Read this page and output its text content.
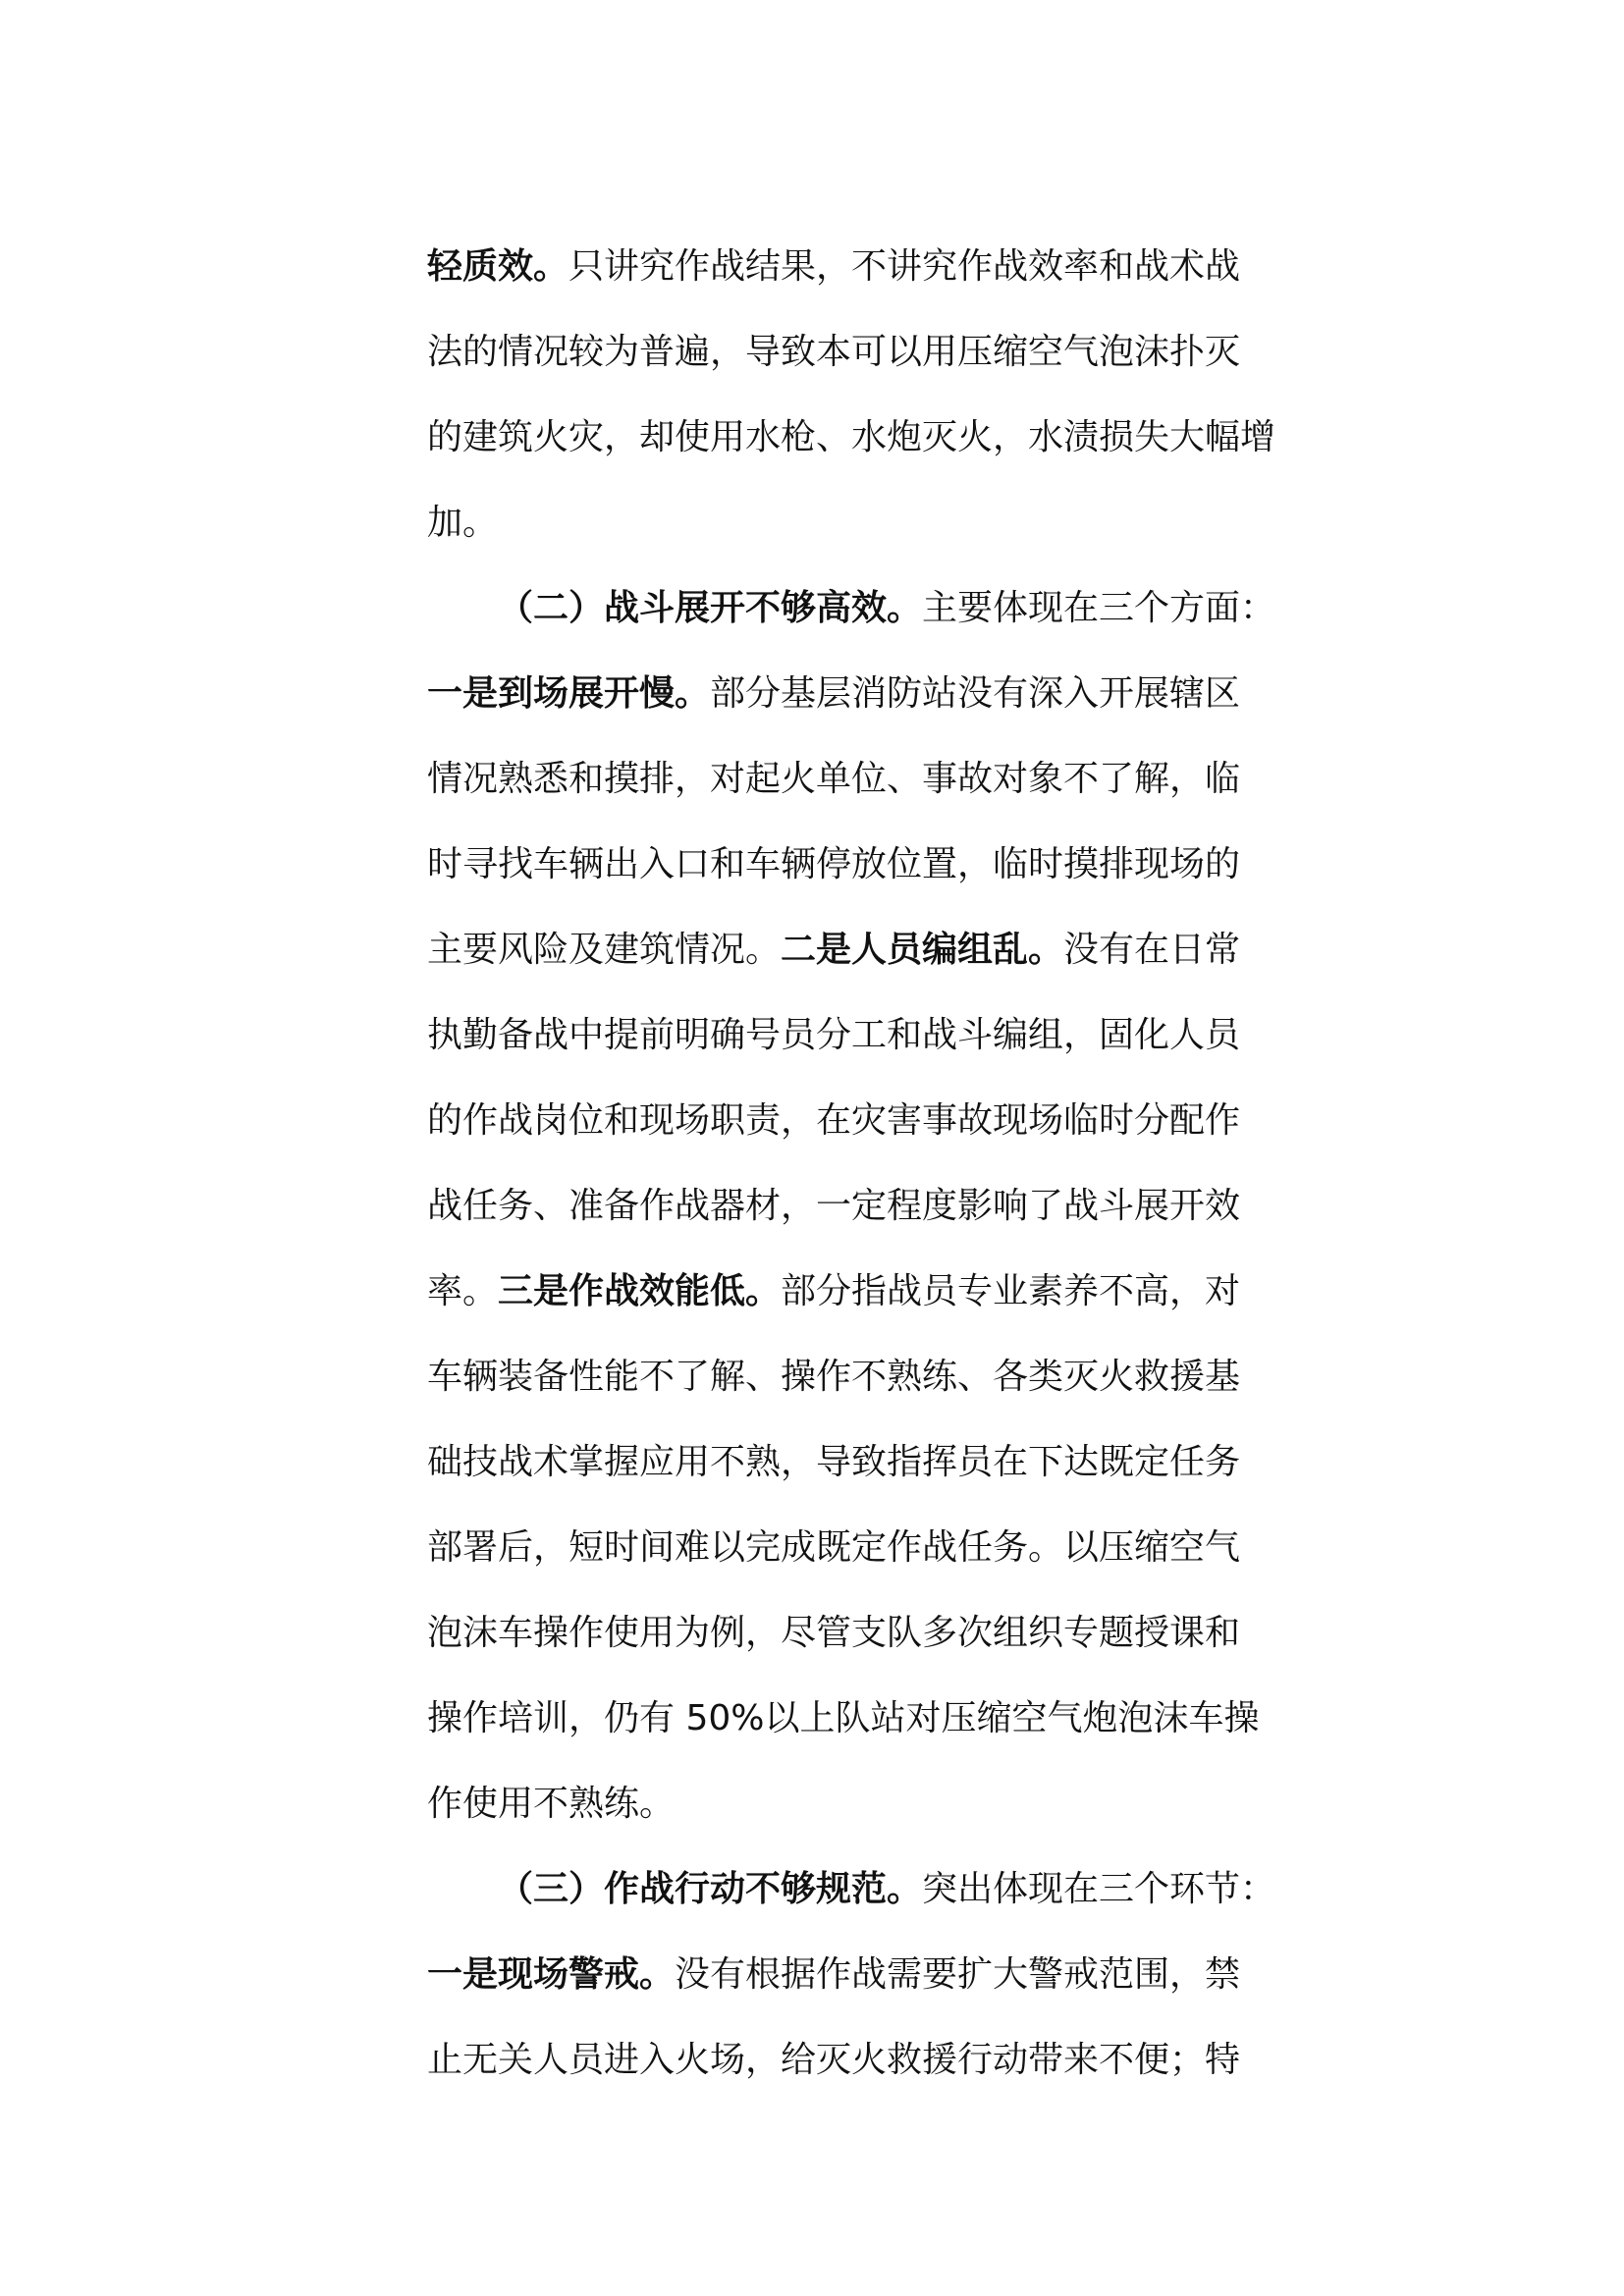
轻质效。只讲究作战结果，不讲究作战效率和战术战
法的情况较为普遍，导致本可以用压缩空气泡沫扑灭
的建筑火灾，却使用水枪、水炮灭火，水渍损失大幅增
加。
（二）战斗展开不够高效。主要体现在三个方面：
一是到场展开慢。部分基层消防站没有深入开展辖区
情况熟悉和摸排，对起火单位、事故对象不了解，临
时寻找车辆出入口和车辆停放位置，临时摸排现场的
主要风险及建筑情况。二是人员编组乱。没有在日常
执勤备战中提前明确号员分工和战斗编组，固化人员
的作战岗位和现场职责，在灾害事故现场临时分配作
战任务、准备作战器材，一定程度影响了战斗展开效
率。三是作战效能低。部分指战员专业素养不高，对
车辆装备性能不了解、操作不熟练、各类灭火救援基
础技战术掌握应用不熟，导致指挥员在下达既定任务
部署后，短时间难以完成既定作战任务。以压缩空气
泡沫车操作使用为例，尽管支队多次组织专题授课和
操作培训，仍有 50%以上队站对压缩空气炮泡沫车操
作使用不熟练。
（三）作战行动不够规范。突出体现在三个环节：
一是现场警戒。没有根据作战需要扩大警戒范围，禁
止无关人员进入火场，给灭火救援行动带来不便；特
